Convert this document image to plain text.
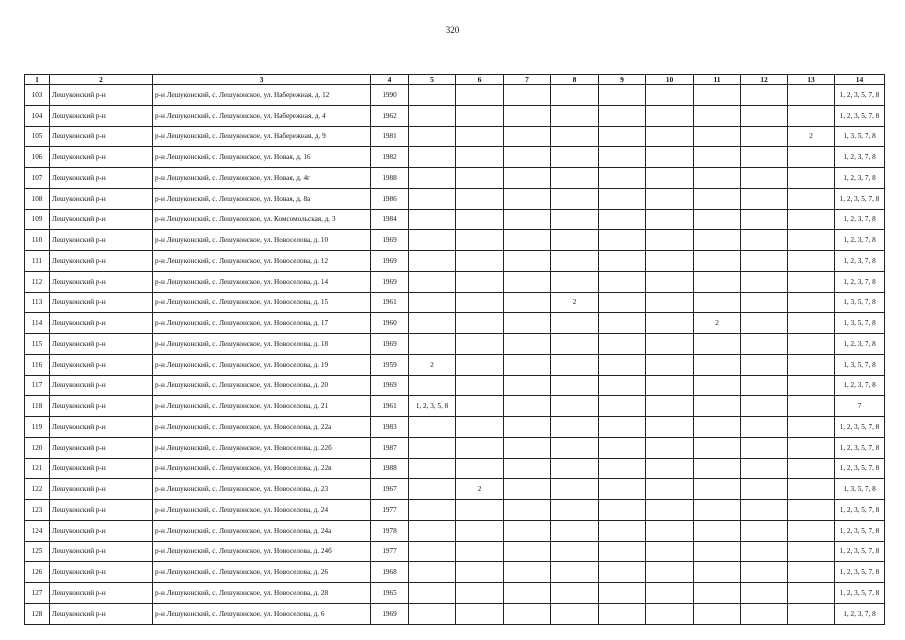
320
1	2	3	4	5	6	7	8	9	10	11	12	13	14
103	Лешуконский р-н	р-н Лешуконский, с. Лешуконское, ул. Набережная, д. 12	1990										1, 2, 3, 5, 7, 8
104	Лешуконский р-н	р-н Лешуконский, с. Лешуконское, ул. Набережная, д. 4	1962										1, 2, 3, 5, 7, 8
105	Лешуконский р-н	р-н Лешуконский, с. Лешуконское, ул. Набережная, д. 9	1981									2	1, 3, 5, 7, 8
106	Лешуконский р-н	р-н Лешуконский, с. Лешуконское, ул. Новая, д. 16	1982										1, 2, 3, 7, 8
107	Лешуконский р-н	р-н Лешуконский, с. Лешуконское, ул. Новая, д. 4г	1988										1, 2, 3, 7, 8
108	Лешуконский р-н	р-н Лешуконский, с. Лешуконское, ул. Новая, д. 8а	1986										1, 2, 3, 5, 7, 8
109	Лешуконский р-н	р-н Лешуконский, с. Лешуконское, ул. Комсомольская, д. 3	1984										1, 2, 3, 7, 8
110	Лешуконский р-н	р-н Лешуконский, с. Лешуконское, ул. Новоселова, д. 10	1969										1, 2, 3, 7, 8
111	Лешуконский р-н	р-н Лешуконский, с. Лешуконское, ул. Новоселова, д. 12	1969										1, 2, 3, 7, 8
112	Лешуконский р-н	р-н Лешуконский, с. Лешуконское, ул. Новоселова, д. 14	1969										1, 2, 3, 7, 8
113	Лешуконский р-н	р-н Лешуконский, с. Лешуконское, ул. Новоселова, д. 15	1961				2						1, 3, 5, 7, 8
114	Лешуконский р-н	р-н Лешуконский, с. Лешуконское, ул. Новоселова, д. 17	1960							2			1, 3, 5, 7, 8
115	Лешуконский р-н	р-н Лешуконский, с. Лешуконское, ул. Новоселова, д. 18	1969										1, 2, 3, 7, 8
116	Лешуконский р-н	р-н Лешуконский, с. Лешуконское, ул. Новоселова, д. 19	1959	2									1, 3, 5, 7, 8
117	Лешуконский р-н	р-н Лешуконский, с. Лешуконское, ул. Новоселова, д. 20	1969										1, 2, 3, 7, 8
118	Лешуконский р-н	р-н Лешуконский, с. Лешуконское, ул. Новоселова, д. 21	1961	1, 2, 3, 5, 8									7
119	Лешуконский р-н	р-н Лешуконский, с. Лешуконское, ул. Новоселова, д. 22а	1983										1, 2, 3, 5, 7, 8
120	Лешуконский р-н	р-н Лешуконский, с. Лешуконское, ул. Новоселова, д. 22б	1987										1, 2, 3, 5, 7, 8
121	Лешуконский р-н	р-н Лешуконский, с. Лешуконское, ул. Новоселова, д. 22в	1988										1, 2, 3, 5, 7, 8
122	Лешуконский р-н	р-н Лешуконский, с. Лешуконское, ул. Новоселова, д. 23	1967		2								1, 3, 5, 7, 8
123	Лешуконский р-н	р-н Лешуконский, с. Лешуконское, ул. Новоселова, д. 24	1977										1, 2, 3, 5, 7, 8
124	Лешуконский р-н	р-н Лешуконский, с. Лешуконское, ул. Новоселова, д. 24а	1978										1, 2, 3, 5, 7, 8
125	Лешуконский р-н	р-н Лешуконский, с. Лешуконское, ул. Новоселова, д. 24б	1977										1, 2, 3, 5, 7, 8
126	Лешуконский р-н	р-н Лешуконский, с. Лешуконское, ул. Новоселова, д. 26	1968										1, 2, 3, 5, 7, 8
127	Лешуконский р-н	р-н Лешуконский, с. Лешуконское, ул. Новоселова, д. 28	1965										1, 2, 3, 5, 7, 8
128	Лешуконский р-н	р-н Лешуконский, с. Лешуконское, ул. Новоселова, д. 6	1969										1, 2, 3, 7, 8
